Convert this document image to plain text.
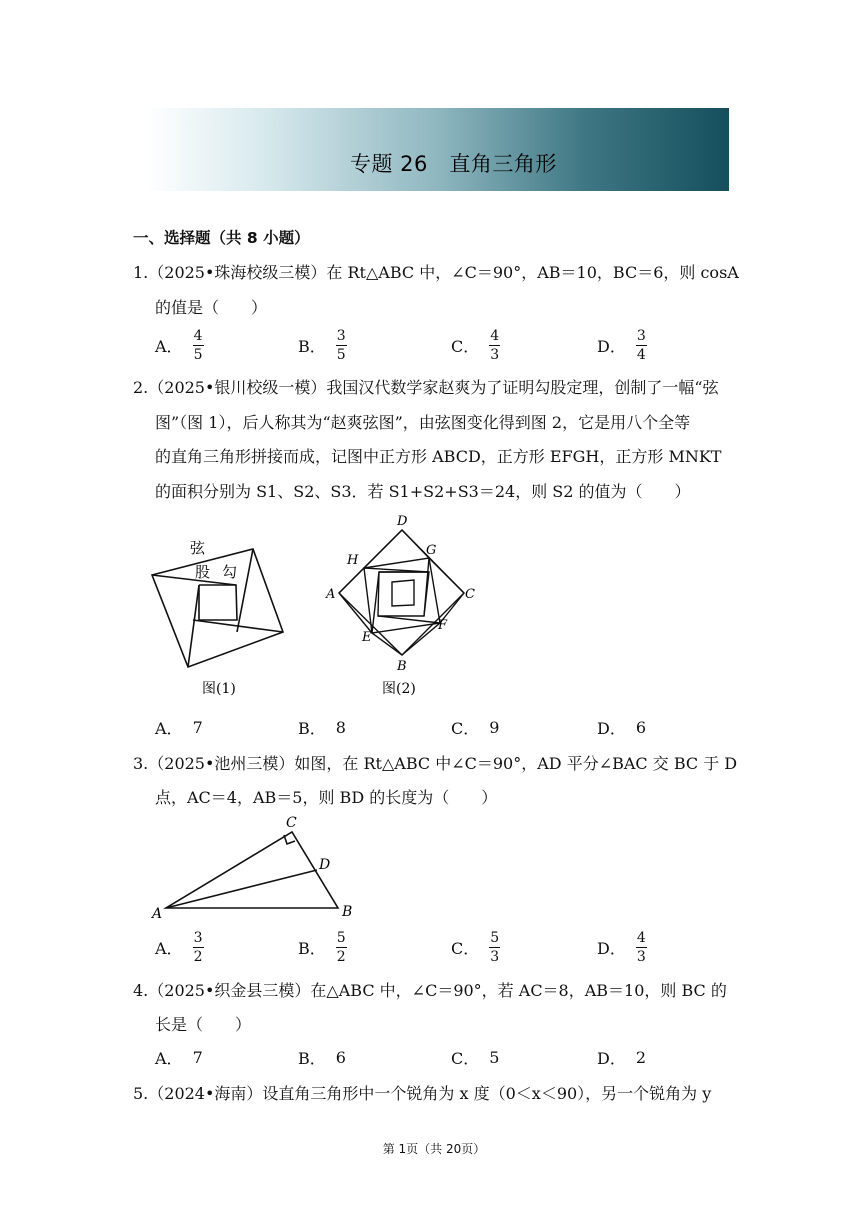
专题 26　直角三角形
一、选择题（共 8 小题）
1.（2025•珠海校级三模）在 Rt△ABC 中，∠C＝90°，AB＝10，BC＝6，则 cosA
的值是（　　）
A． $\frac{4}{5}$	B． $\frac{3}{5}$	C． $\frac{4}{3}$	D． $\frac{3}{4}$
2.（2025•银川校级一模）我国汉代数学家赵爽为了证明勾股定理，创制了一幅“弦
图”（图 1），后人称其为“赵爽弦图”，由弦图变化得到图 2，它是用八个全等
的直角三角形拼接而成，记图中正方形 ABCD，正方形 EFGH，正方形 MNKT
的面积分别为 S1、S2、S3．若 S1+S2+S3＝24，则 S2 的值为（　　）
弦
股 勾
图(1)
D
H
G
A	C
E
F
B
图(2)
A． 7	B． 8	C． 9	D． 6
3.（2025•池州三模）如图，在 Rt△ABC 中∠C＝90°，AD 平分∠BAC 交 BC 于 D
点，AC＝4，AB＝5，则 BD 的长度为（　　）
A	B
C
D
A． $\frac{3}{2}$	B． $\frac{5}{2}$	C． $\frac{5}{3}$	D． $\frac{4}{3}$
4.（2025•织金县三模）在△ABC 中，∠C＝90°，若 AC＝8，AB＝10，则 BC 的
长是（　　）
A． 7	B． 6	C． 5	D． 2
5.（2024•海南）设直角三角形中一个锐角为 x 度（0＜x＜90），另一个锐角为 y
第 1页（共 20页）
